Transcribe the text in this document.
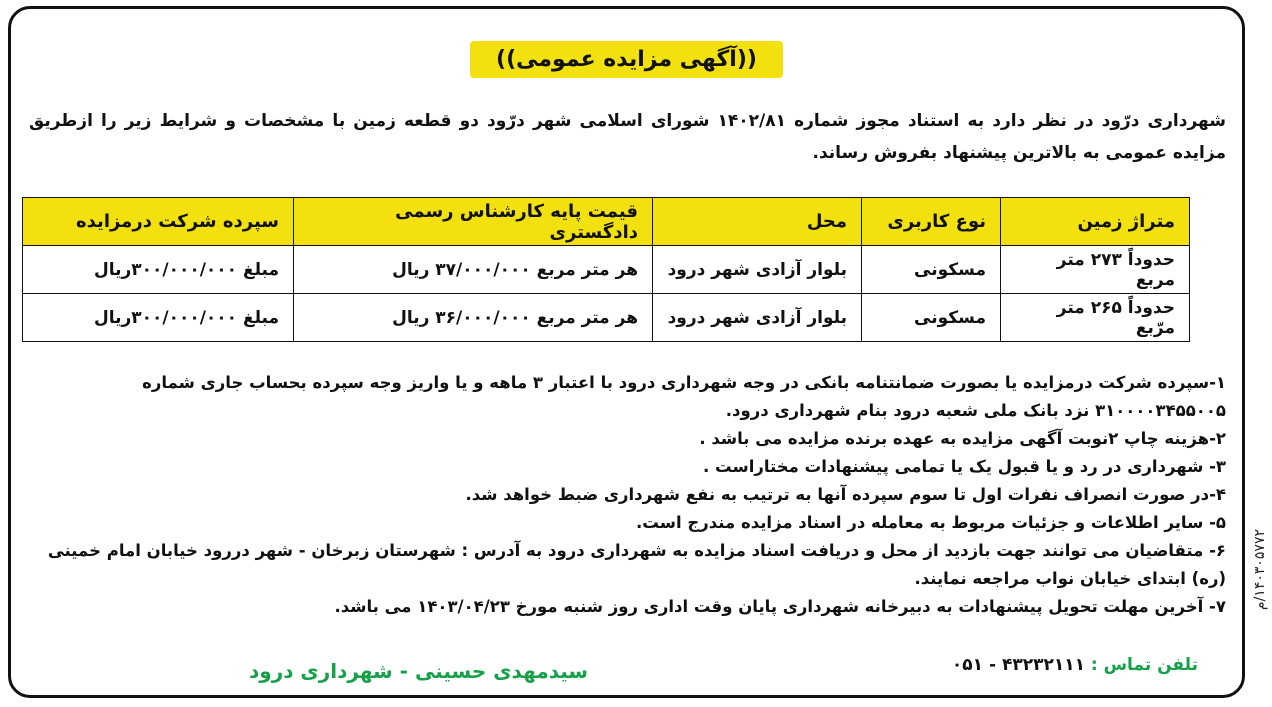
((آگهی مزایده عمومی))
شهرداری درّود در نظر دارد به استناد مجوز شماره ۱۴۰۲/۸۱ شورای اسلامی شهر درّود دو قطعه زمین با مشخصات و شرایط زیر را ازطریق مزایده عمومی به بالاترین پیشنهاد بفروش رساند.
متراژ زمین	نوع کاربری	محل	قیمت پایه کارشناس رسمی دادگستری	سپرده شرکت درمزایده
حدوداً ۲۷۳ متر مربع	مسکونی	بلوار آزادی شهر درود	هر متر مربع ۳۷/۰۰۰/۰۰۰ ریال	مبلغ ۳۰۰/۰۰۰/۰۰۰ریال
حدوداً ۲۶۵ متر مرّبع	مسکونی	بلوار آزادی شهر درود	هر متر مربع ۳۶/۰۰۰/۰۰۰ ریال	مبلغ ۳۰۰/۰۰۰/۰۰۰ریال

۱-سپرده شرکت درمزایده یا بصورت ضمانتنامه بانکی در وجه شهرداری درود با اعتبار ۳ ماهه و یا واریز وجه سپرده بحساب جاری شماره ۳۱۰۰۰۰۳۴۵۵۰۰۵ نزد بانک ملی شعبه درود بنام شهرداری درود.

۲-هزینه چاپ ۲نوبت آگهی مزایده به عهده برنده مزایده می باشد .

۳- شهرداری در رد و یا قبول یک یا تمامی پیشنهادات مختاراست .

۴-در صورت انصراف نفرات اول تا سوم سپرده آنها به ترتیب به نفع شهرداری ضبط خواهد شد.

۵- سایر اطلاعات و جزئیات مربوط به معامله در اسناد مزایده مندرج است.

۶- متقاضیان می توانند جهت بازدید از محل و دریافت اسناد مزایده به شهرداری درود به آدرس : شهرستان زبرخان - شهر دررود خیابان امام خمینی (ره) ابتدای خیابان نواب مراجعه نمایند.

۷- آخرین مهلت تحویل پیشنهادات به دبیرخانه شهرداری پایان وقت اداری روز شنبه مورخ ۱۴۰۳/۰۴/۲۳ می باشد.

تلفن تماس : ۴۳۲۳۲۱۱۱ - ۰۵۱
سیدمهدی حسینی - شهرداری درود
۱۴۰۳۰۵۷۷۲/م
